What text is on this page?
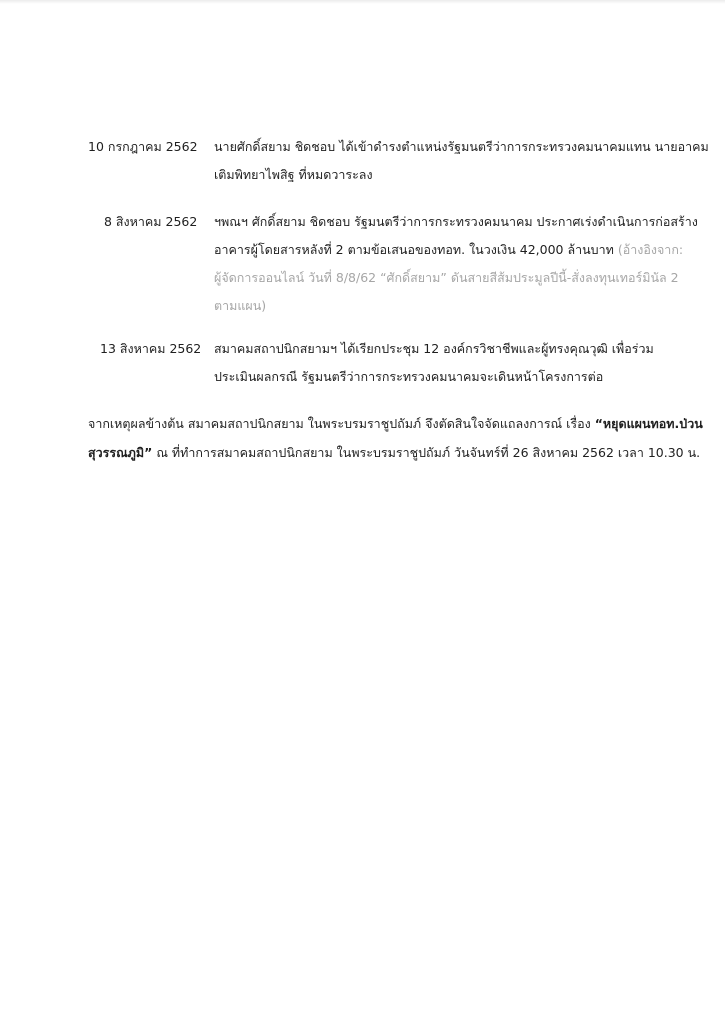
10 กรกฎาคม 2562 นายศักดิ์สยาม ชิดชอบ ได้เข้าดำรงตำแหน่งรัฐมนตรีว่าการกระทรวงคมนาคมแทน นายอาคม
เติมพิทยาไพสิฐ ที่หมดวาระลง
8 สิงหาคม 2562 ฯพณฯ ศักดิ์สยาม ชิดชอบ รัฐมนตรีว่าการกระทรวงคมนาคม ประกาศเร่งดำเนินการก่อสร้าง
อาคารผู้โดยสารหลังที่ 2 ตามข้อเสนอของทอท. ในวงเงิน 42,000 ล้านบาท (อ้างอิงจาก:
ผู้จัดการออนไลน์ วันที่ 8/8/62 “ศักดิ์สยาม” ดันสายสีส้มประมูลปีนี้-สั่งลงทุนเทอร์มินัล 2
ตามแผน)
13 สิงหาคม 2562 สมาคมสถาปนิกสยามฯ ได้เรียกประชุม 12 องค์กรวิชาชีพและผู้ทรงคุณวุฒิ เพื่อร่วม
ประเมินผลกรณี รัฐมนตรีว่าการกระทรวงคมนาคมจะเดินหน้าโครงการต่อ
จากเหตุผลข้างต้น สมาคมสถาปนิกสยาม ในพระบรมราชูปถัมภ์ จึงตัดสินใจจัดแถลงการณ์ เรื่อง “หยุดแผนทอท.ป่วน
สุวรรณภูมิ” ณ ที่ทำการสมาคมสถาปนิกสยาม ในพระบรมราชูปถัมภ์ วันจันทร์ที่ 26 สิงหาคม 2562 เวลา 10.30 น.
